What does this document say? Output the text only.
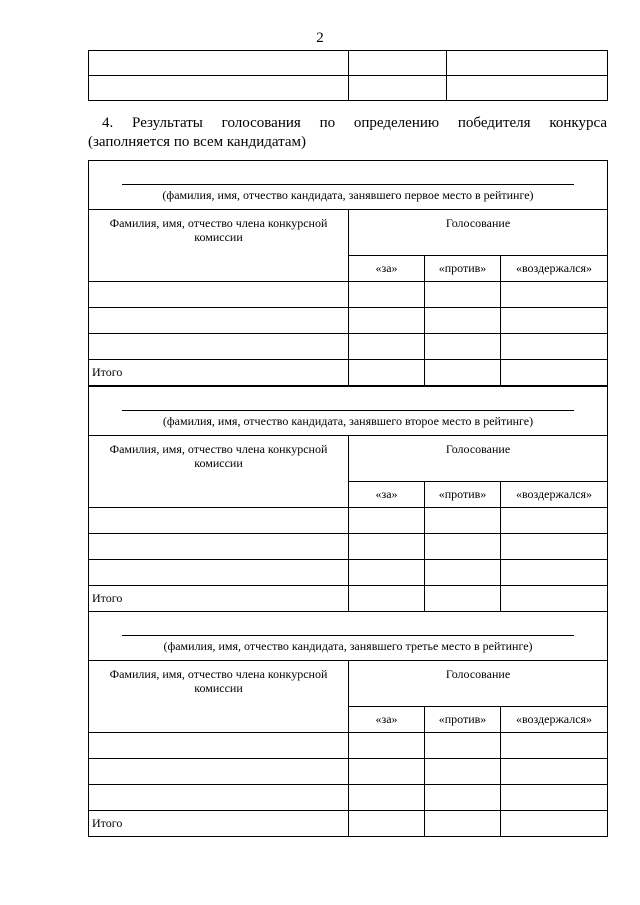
2

4. Результаты голосования по определению победителя конкурса
(заполняется по всем кандидатам)
(фамилия, имя, отчество кандидата, занявшего первое место в рейтинге)			

Фамилия, имя, отчество члена конкурсной комиссии	Голосование		
	«за»	«против»	«воздержался»

Итого			
(фамилия, имя, отчество кандидата, занявшего второе место в рейтинге)			

Фамилия, имя, отчество члена конкурсной комиссии	Голосование		
	«за»	«против»	«воздержался»

Итого			
(фамилия, имя, отчество кандидата, занявшего третье место в рейтинге)			

Фамилия, имя, отчество члена конкурсной комиссии	Голосование		
	«за»	«против»	«воздержался»

Итого			
